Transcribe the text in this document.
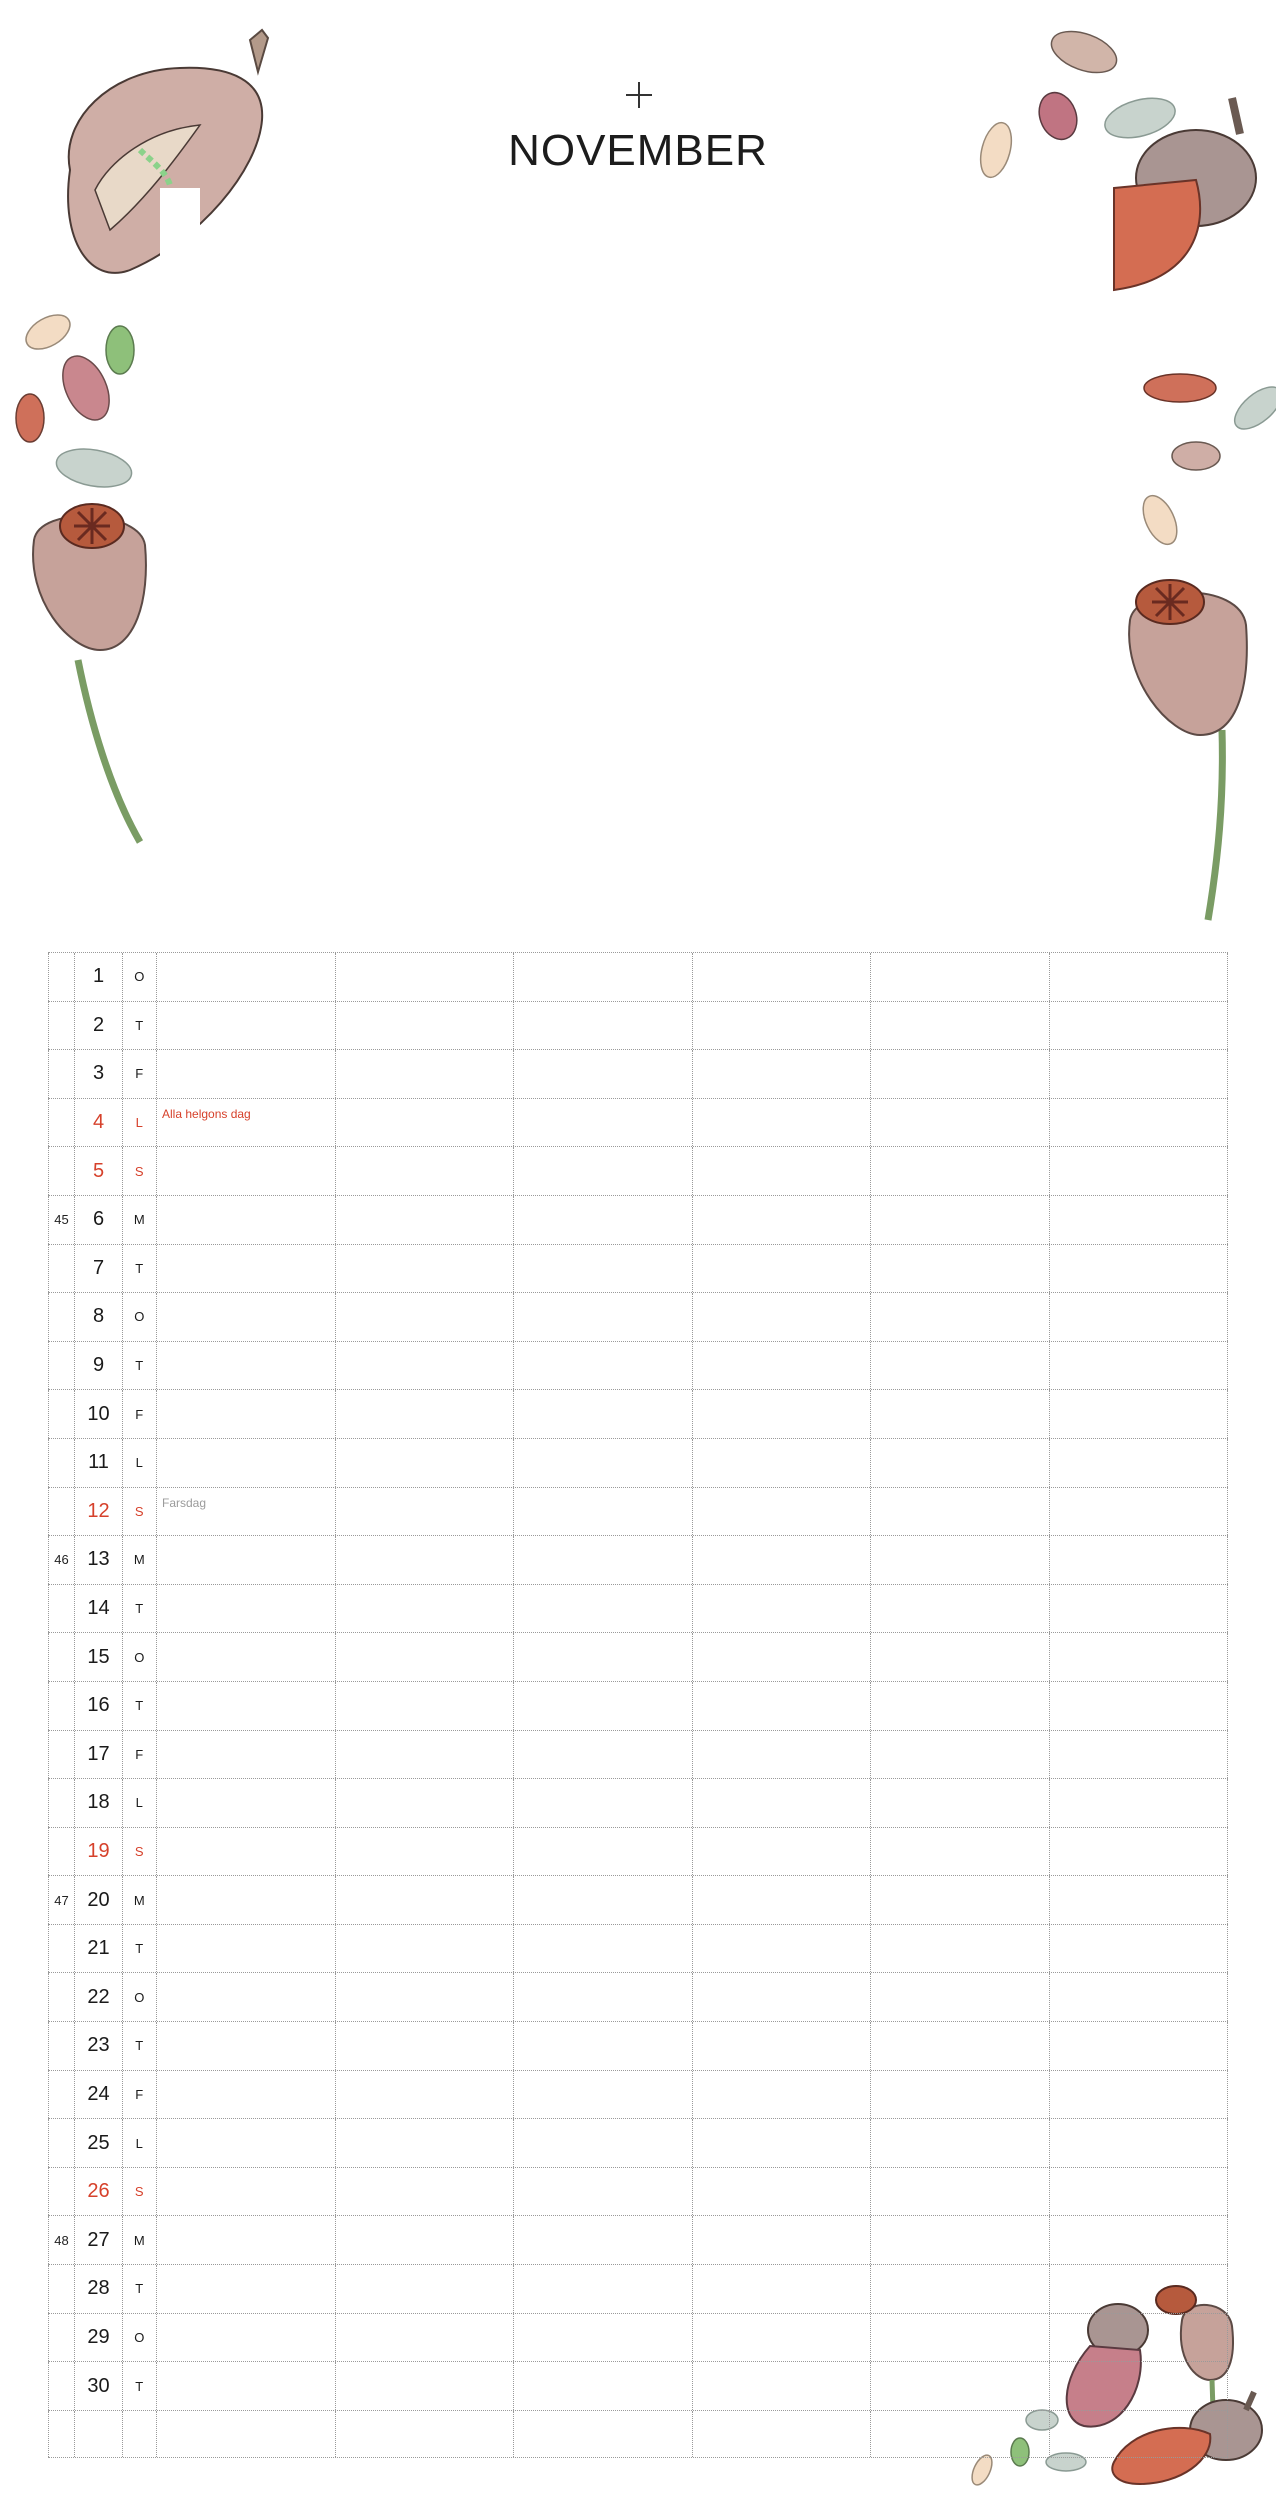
NOVEMBER
1	O
2	T
3	F
4	L
Alla helgons dag
5	S
45	6	M
7	T
8	O
9	T
10	F
11	L
12	S
Farsdag
46 13	M
14	T
15	O
16	T
17	F
18	L
19	S
47 20	M
21	T
22	O
23	T
24	F
25	L
26	S
48 27	M
28	T
29	O
30	T
